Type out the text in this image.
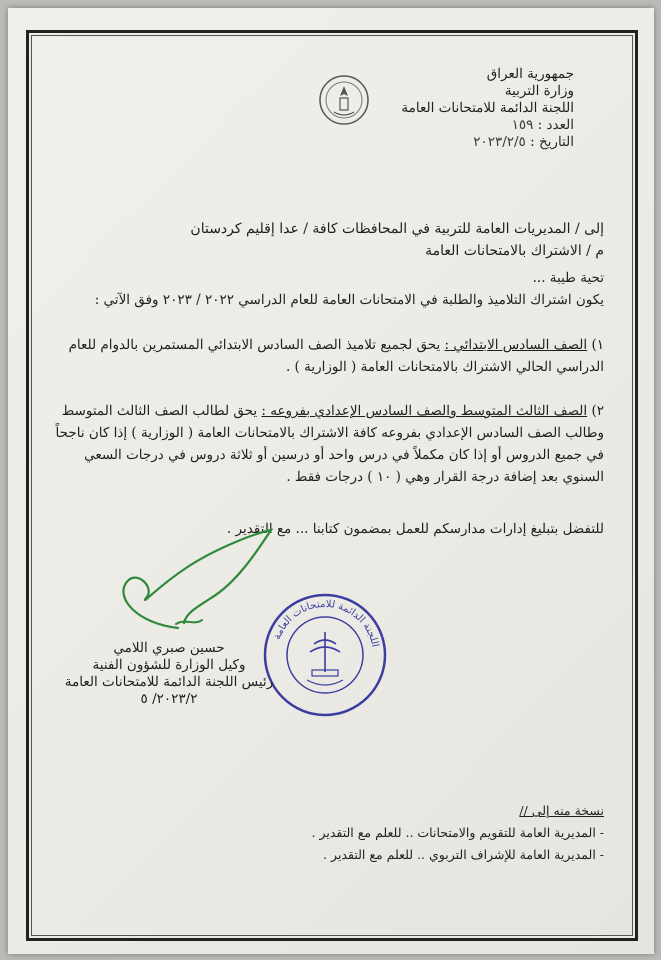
جمهورية العراق
وزارة التربية
اللجنة الدائمة للامتحانات العامة
العدد : ١٥٩
التاريخ : ٢٠٢٣/٢/٥
إلى / المديريات العامة للتربية في المحافظات كافة / عدا إقليم كردستان
م / الاشتراك بالامتحانات العامة
تحية طيبة ...
يكون اشتراك التلاميذ والطلبة في الامتحانات العامة للعام الدراسي ٢٠٢٢ / ٢٠٢٣ وفق الآتي :
١) الصف السادس الابتدائي : يحق لجميع تلاميذ الصف السادس الابتدائي المستمرين بالدوام للعام الدراسي الحالي الاشتراك بالامتحانات العامة ( الوزارية ) .
٢) الصف الثالث المتوسط والصف السادس الإعدادي بفروعه : يحق لطالب الصف الثالث المتوسط وطالب الصف السادس الإعدادي بفروعه كافة الاشتراك بالامتحانات العامة ( الوزارية ) إذا كان ناجحاً في جميع الدروس أو إذا كان مكملاً في درس واحد أو درسين أو ثلاثة دروس في درجات السعي السنوي بعد إضافة درجة القرار وهي ( ١٠ ) درجات فقط .
للتفضل بتبليغ إدارات مدارسكم للعمل بمضمون كتابنا ... مع التقدير .
اللجنة الدائمة للامتحانات العامة
حسين صبري اللامي
وكيل الوزارة للشؤون الفنية
رئيس اللجنة الدائمة للامتحانات العامة
٢٠٢٣/٢/ ٥
نسخة منه إلى //
- المديرية العامة للتقويم والامتحانات .. للعلم مع التقدير .
- المديرية العامة للإشراف التربوي .. للعلم مع التقدير .
